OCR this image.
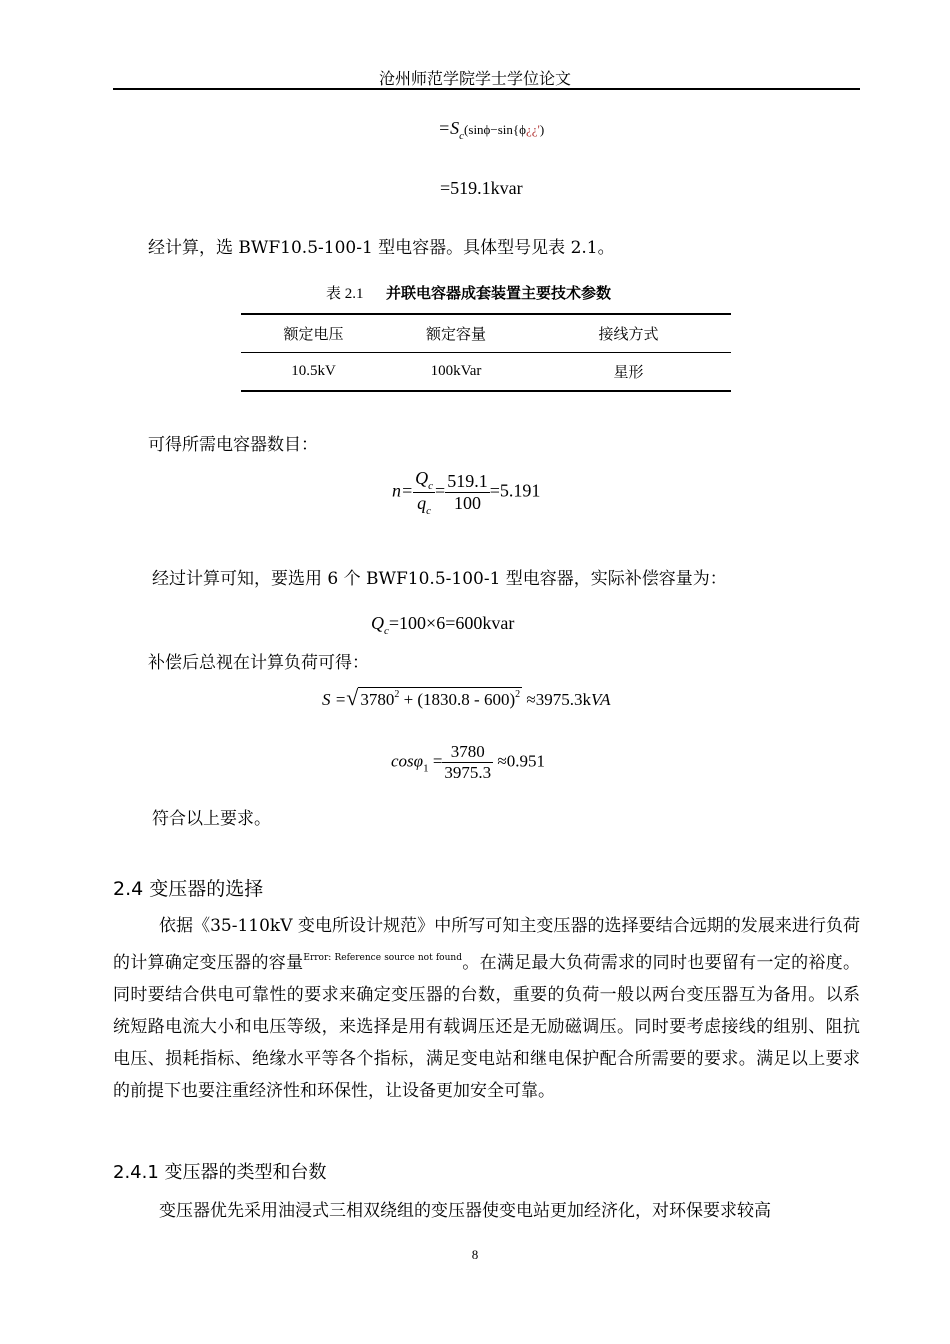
沧州师范学院学士学位论文
$=S_c(\sin\phi-\sin\{\phi¿¿')$
=519.1kvar
经计算，选 BWF10.5-100-1 型电容器。具体型号见表 2.1。
表 2.1 并联电容器成套装置主要技术参数
额定电压	额定容量	接线方式
10.5kV	100kVar	星形
可得所需电容器数目：
$n= \frac{Q_c}{q_c} = \frac{519.1}{100} =5.191$
经过计算可知，要选用 6 个 BWF10.5-100-1 型电容器，实际补偿容量为：
$Q_c=100\times 6=600kvar$
补偿后总视在计算负荷可得：
S =√ $3780^2 + (1830.8 - 600)^2 \approx 3975.3kVA$
$\cos\varphi_1 = \frac{3780}{3975.3} \approx 0.951$
符合以上要求。
2.4 变压器的选择

依据《35-110kV 变电所设计规范》中所写可知主变压器的选择要结合远期的发展来进行负荷的计算确定变压器的容量$^{Error: Reference source not found}$。在满足最大负荷需求的同时也要留有一定的裕度。同时要结合供电可靠性的要求来确定变压器的台数，重要的负荷一般以两台变压器互为备用。以系统短路电流大小和电压等级，来选择是用有载调压还是无励磁调压。同时要考虑接线的组别、阻抗电压、损耗指标、绝缘水平等各个指标，满足变电站和继电保护配合所需要的要求。满足以上要求的前提下也要注重经济性和环保性，让设备更加安全可靠。

2.4.1 变压器的类型和台数

变压器优先采用油浸式三相双绕组的变压器使变电站更加经济化，对环保要求较高

8
